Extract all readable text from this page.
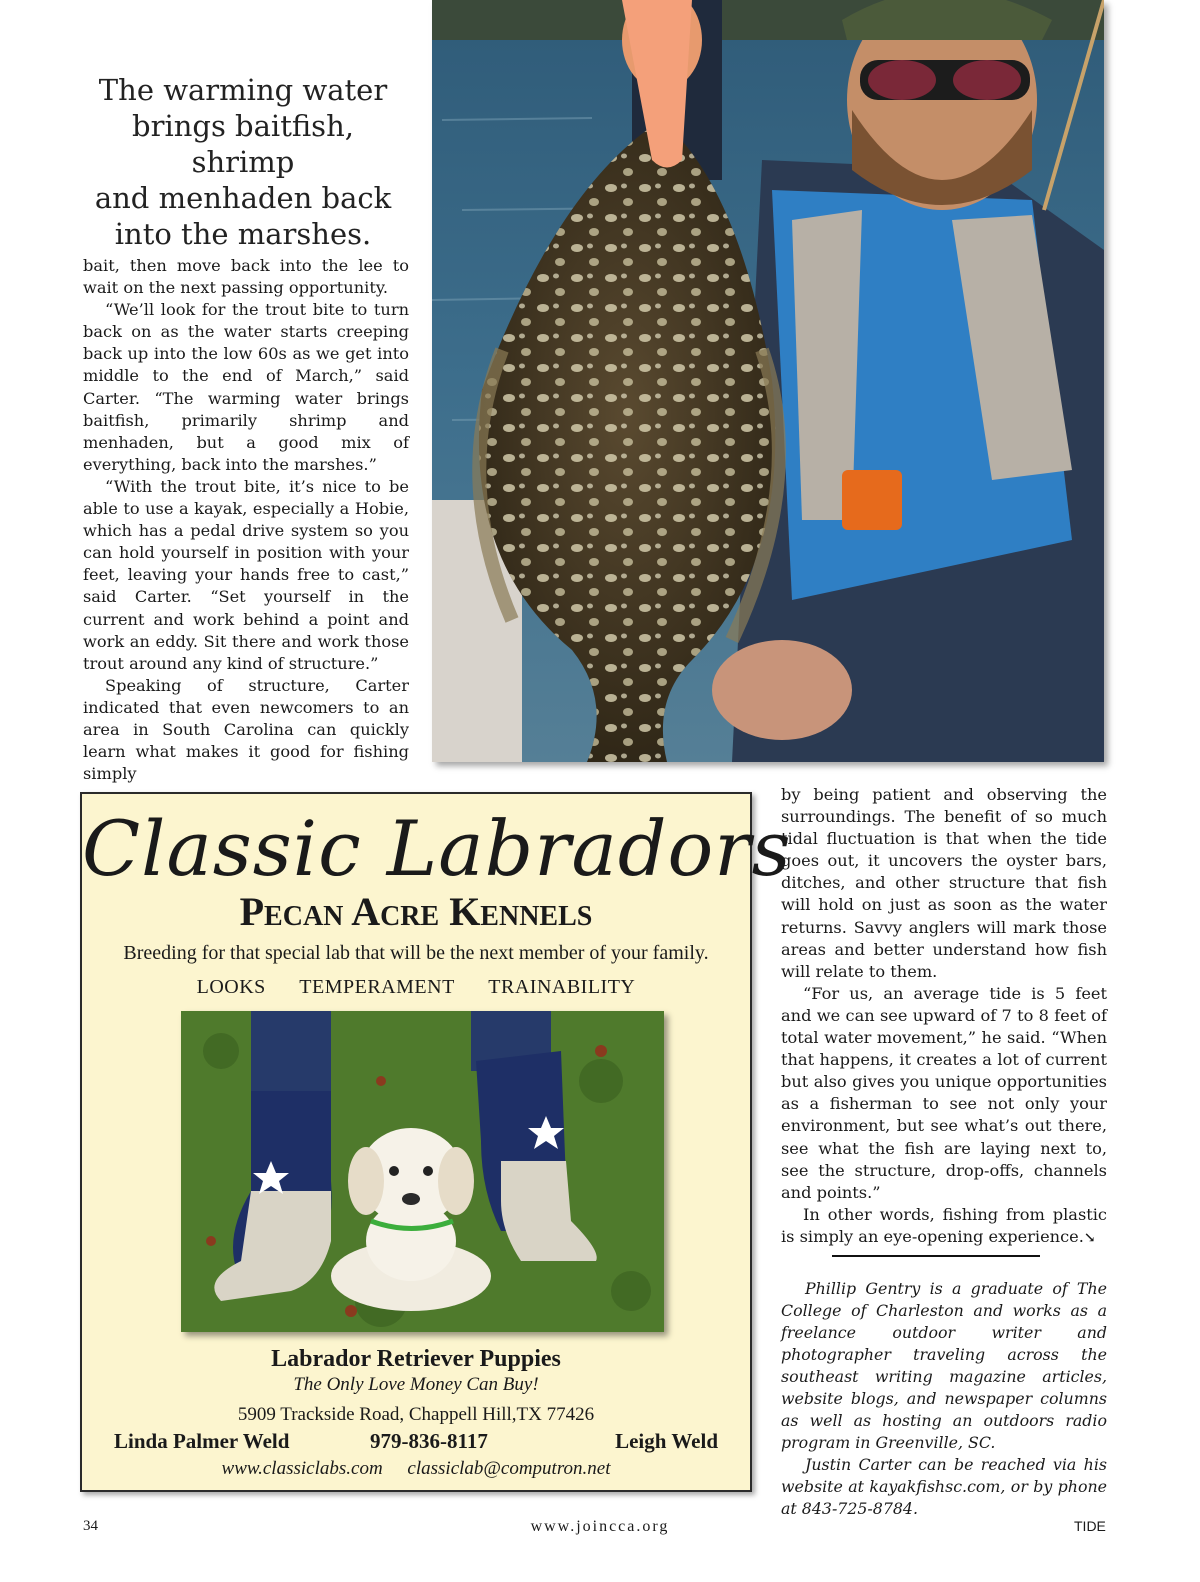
The warming water
brings baitfish, shrimp
and menhaden back
into the marshes.

bait, then move back into the lee to wait on the next passing opportunity.

“We’ll look for the trout bite to turn back on as the water starts creeping back up into the low 60s as we get into middle to the end of March,” said Carter. “The warming water brings baitfish, primarily shrimp and menhaden, but a good mix of everything, back into the marshes.”

“With the trout bite, it’s nice to be able to use a kayak, especially a Hobie, which has a pedal drive system so you can hold yourself in position with your feet, leaving your hands free to cast,” said Carter. “Set yourself in the current and work behind a point and work an eddy. Sit there and work those trout around any kind of structure.”

Speaking of structure, Carter indicated that even newcomers to an area in South Carolina can quickly learn what makes it good for fishing simply

Classic Labradors
Pecan Acre Kennels
Breeding for that special lab that will be the next member of your family.
LOOKS TEMPERAMENT TRAINABILITY
Labrador Retriever Puppies
The Only Love Money Can Buy!
5909 Trackside Road, Chappell Hill,TX 77426
Linda Palmer Weld	979-836-8117	Leigh Weld
www.classiclabs.com classiclab@computron.net

by being patient and observing the surroundings. The benefit of so much tidal fluctuation is that when the tide goes out, it uncovers the oyster bars, ditches, and other structure that fish will hold on just as soon as the water returns. Savvy anglers will mark those areas and better understand how fish will relate to them.

“For us, an average tide is 5 feet and we can see upward of 7 to 8 feet of total water movement,” he said. “When that happens, it creates a lot of current but also gives you unique opportunities as a fisherman to see not only your environment, but see what’s out there, see what the fish are laying next to, see the structure, drop-offs, channels and points.”

In other words, fishing from plastic is simply an eye-opening experience.↘

Phillip Gentry is a graduate of The College of Charleston and works as a freelance outdoor writer and photographer traveling across the southeast writing magazine articles, website blogs, and newspaper columns as well as hosting an outdoors radio program in Greenville, SC.

Justin Carter can be reached via his website at kayakfishsc.com, or by phone at 843-725-8784.

34	www.joincca.org	TIDE
